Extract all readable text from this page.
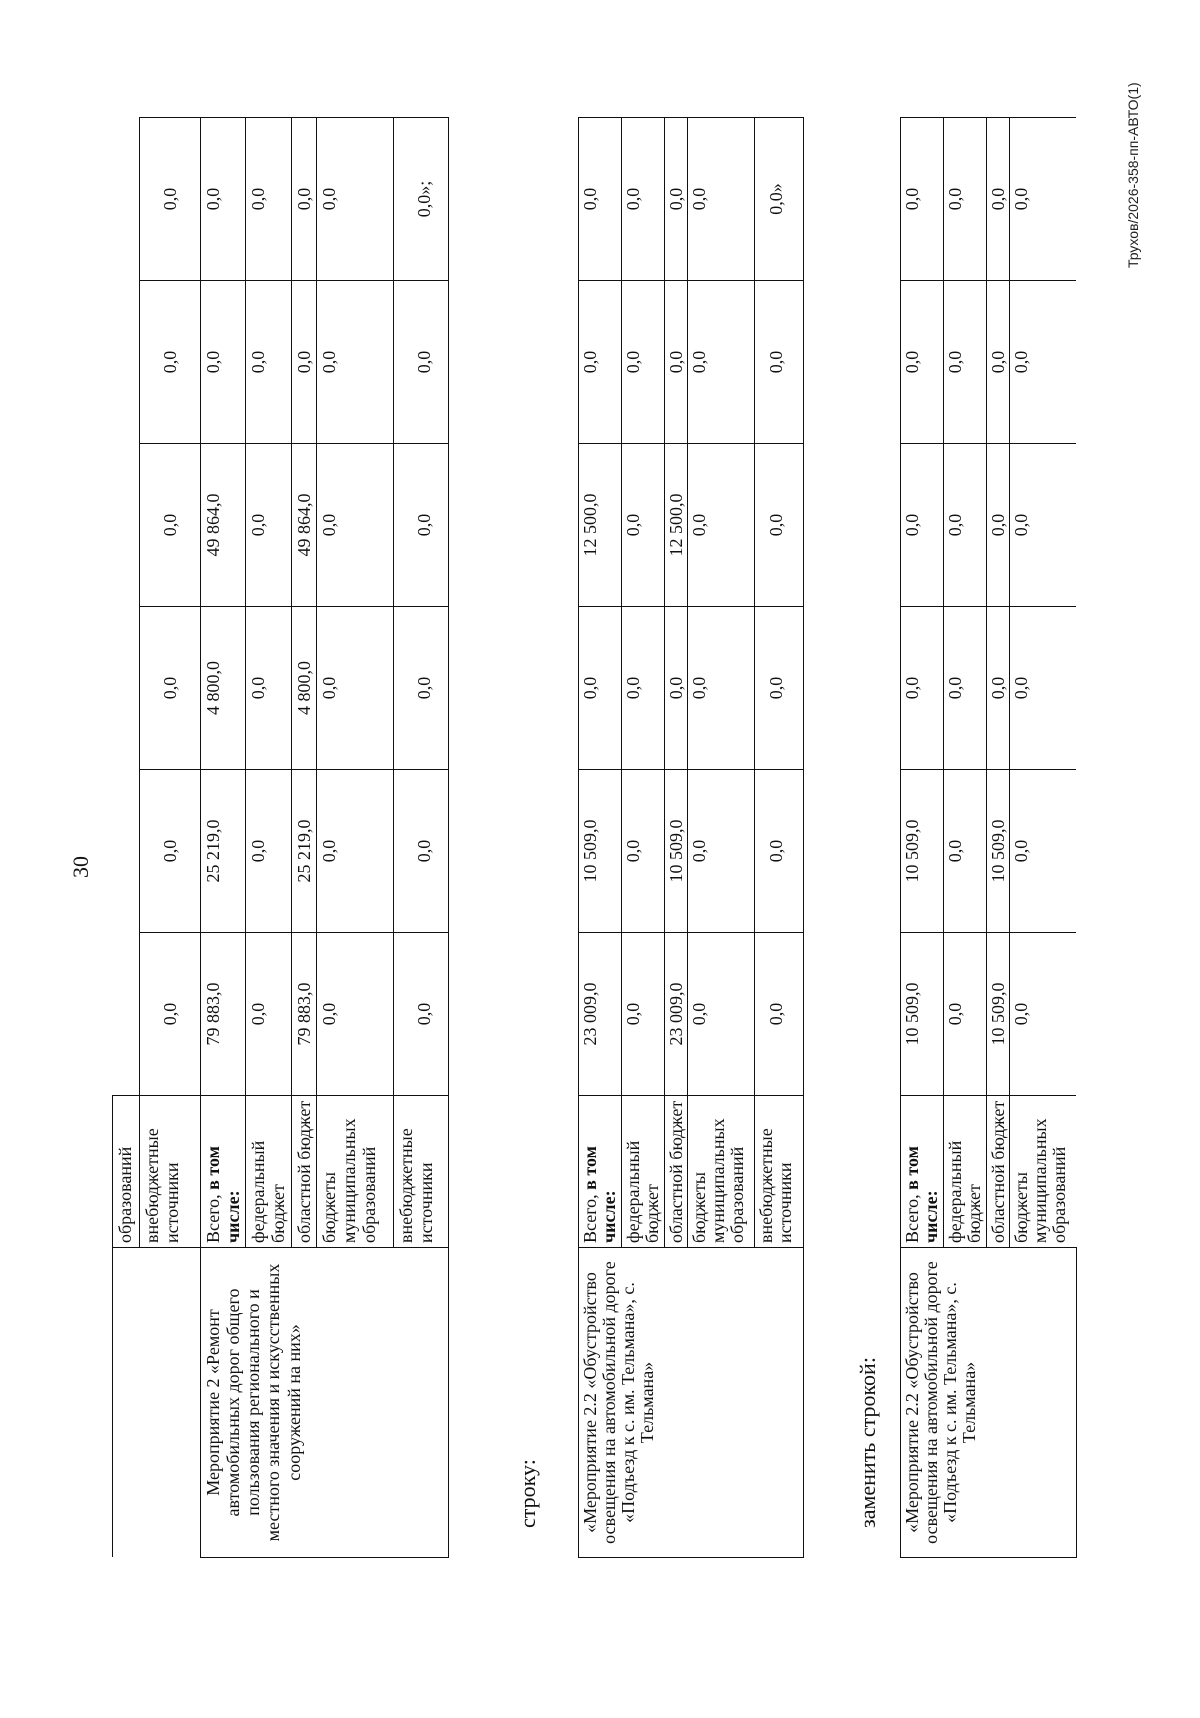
30
	образований						
	внебюджетные источники	0,0	0,0	0,0	0,0	0,0	0,0
Мероприятие 2 «Ремонт автомобильных дорог общего пользования регионального и местного значения и искусственных сооружений на них»	Всего, в том числе:	79 883,0	25 219,0	4 800,0	49 864,0	0,0	0,0
	федеральный бюджет	0,0	0,0	0,0	0,0	0,0	0,0
	областной бюджет	79 883,0	25 219,0	4 800,0	49 864,0	0,0	0,0
	бюджеты муниципальных образований	0,0	0,0	0,0	0,0	0,0	0,0
	внебюджетные источники	0,0	0,0	0,0	0,0	0,0	0,0»;
строку: «Мероприятие 2.2 «Обустройство освещения на автомобильной дороге «Подъезд к с. им. Тельмана», с. Тельмана»	Всего, в том числе:	23 009,0	10 509,0	0,0	12 500,0	0,0	0,0
	федеральный бюджет	0,0	0,0	0,0	0,0	0,0	0,0
	областной бюджет	23 009,0	10 509,0	0,0	12 500,0	0,0	0,0
	бюджеты муниципальных образований	0,0	0,0	0,0	0,0	0,0	0,0
	внебюджетные источники	0,0	0,0	0,0	0,0	0,0	0,0»
заменить строкой: «Мероприятие 2.2 «Обустройство освещения на автомобильной дороге «Подъезд к с. им. Тельмана», с. Тельмана»	Всего, в том числе:	10 509,0	10 509,0	0,0	0,0	0,0	0,0
	федеральный бюджет	0,0	0,0	0,0	0,0	0,0	0,0
	областной бюджет	10 509,0	10 509,0	0,0	0,0	0,0	0,0
	бюджеты муниципальных образований	0,0	0,0	0,0	0,0	0,0	0,0	Трухов/2026-358-пп-АВТО(1)
